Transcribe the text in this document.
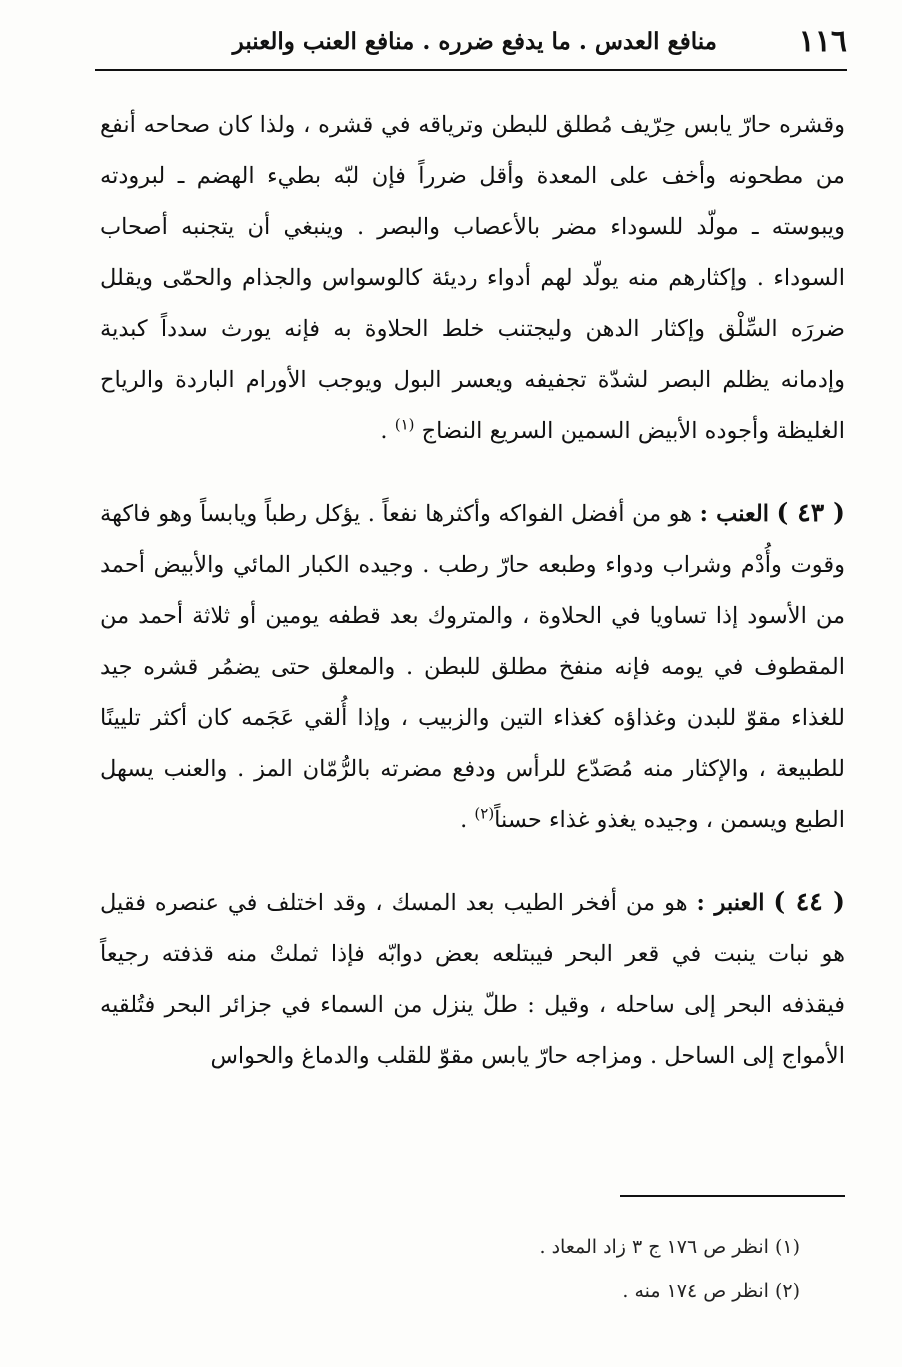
١١٦
منافع العدس . ما يدفع ضرره . منافع العنب والعنبر

وقشره حارّ يابس حِرّيف مُطلق للبطن وترياقه في قشره ، ولذا كان صحاحه أنفع من مطحونه وأخف على المعدة وأقل ضرراً فإن لبّه بطيء الهضم ـ لبرودته ويبوسته ـ مولّد للسوداء مضر بالأعصاب والبصر . وينبغي أن يتجنبه أصحاب السوداء . وإكثارهم منه يولّد لهم أدواء رديئة كالوسواس والجذام والحمّى ويقلل ضررَه السِّلْق وإكثار الدهن وليجتنب خلط الحلاوة به فإنه يورث سدداً كبدية وإدمانه يظلم البصر لشدّة تجفيفه ويعسر البول ويوجب الأورام الباردة والرياح الغليظة وأجوده الأبيض السمين السريع النضاج $^{(١)}$ .

( ٤٣ ) العنب : هو من أفضل الفواكه وأكثرها نفعاً . يؤكل رطباً ويابساً وهو فاكهة وقوت وأُدْم وشراب ودواء وطبعه حارّ رطب . وجيده الكبار المائي والأبيض أحمد من الأسود إذا تساويا في الحلاوة ، والمتروك بعد قطفه يومين أو ثلاثة أحمد من المقطوف في يومه فإنه منفخ مطلق للبطن . والمعلق حتى يضمُر قشره جيد للغذاء مقوّ للبدن وغذاؤه كغذاء التين والزبيب ، وإذا أُلقي عَجَمه كان أكثر تليينًا للطبيعة ، والإكثار منه مُصَدّع للرأس ودفع مضرته بالرُّمّان المز . والعنب يسهل الطبع ويسمن ، وجيده يغذو غذاء حسناً$^{(٢)}$ .

( ٤٤ ) العنبر : هو من أفخر الطيب بعد المسك ، وقد اختلف في عنصره فقيل هو نبات ينبت في قعر البحر فيبتلعه بعض دوابّه فإذا ثملتْ منه قذفته رجيعاً فيقذفه البحر إلى ساحله ، وقيل : طلّ ينزل من السماء في جزائر البحر فتُلقيه الأمواج إلى الساحل . ومزاجه حارّ يابس مقوّ للقلب والدماغ والحواس

(١) انظر ص ١٧٦ ج ٣ زاد المعاد .

(٢) انظر ص ١٧٤ منه .
